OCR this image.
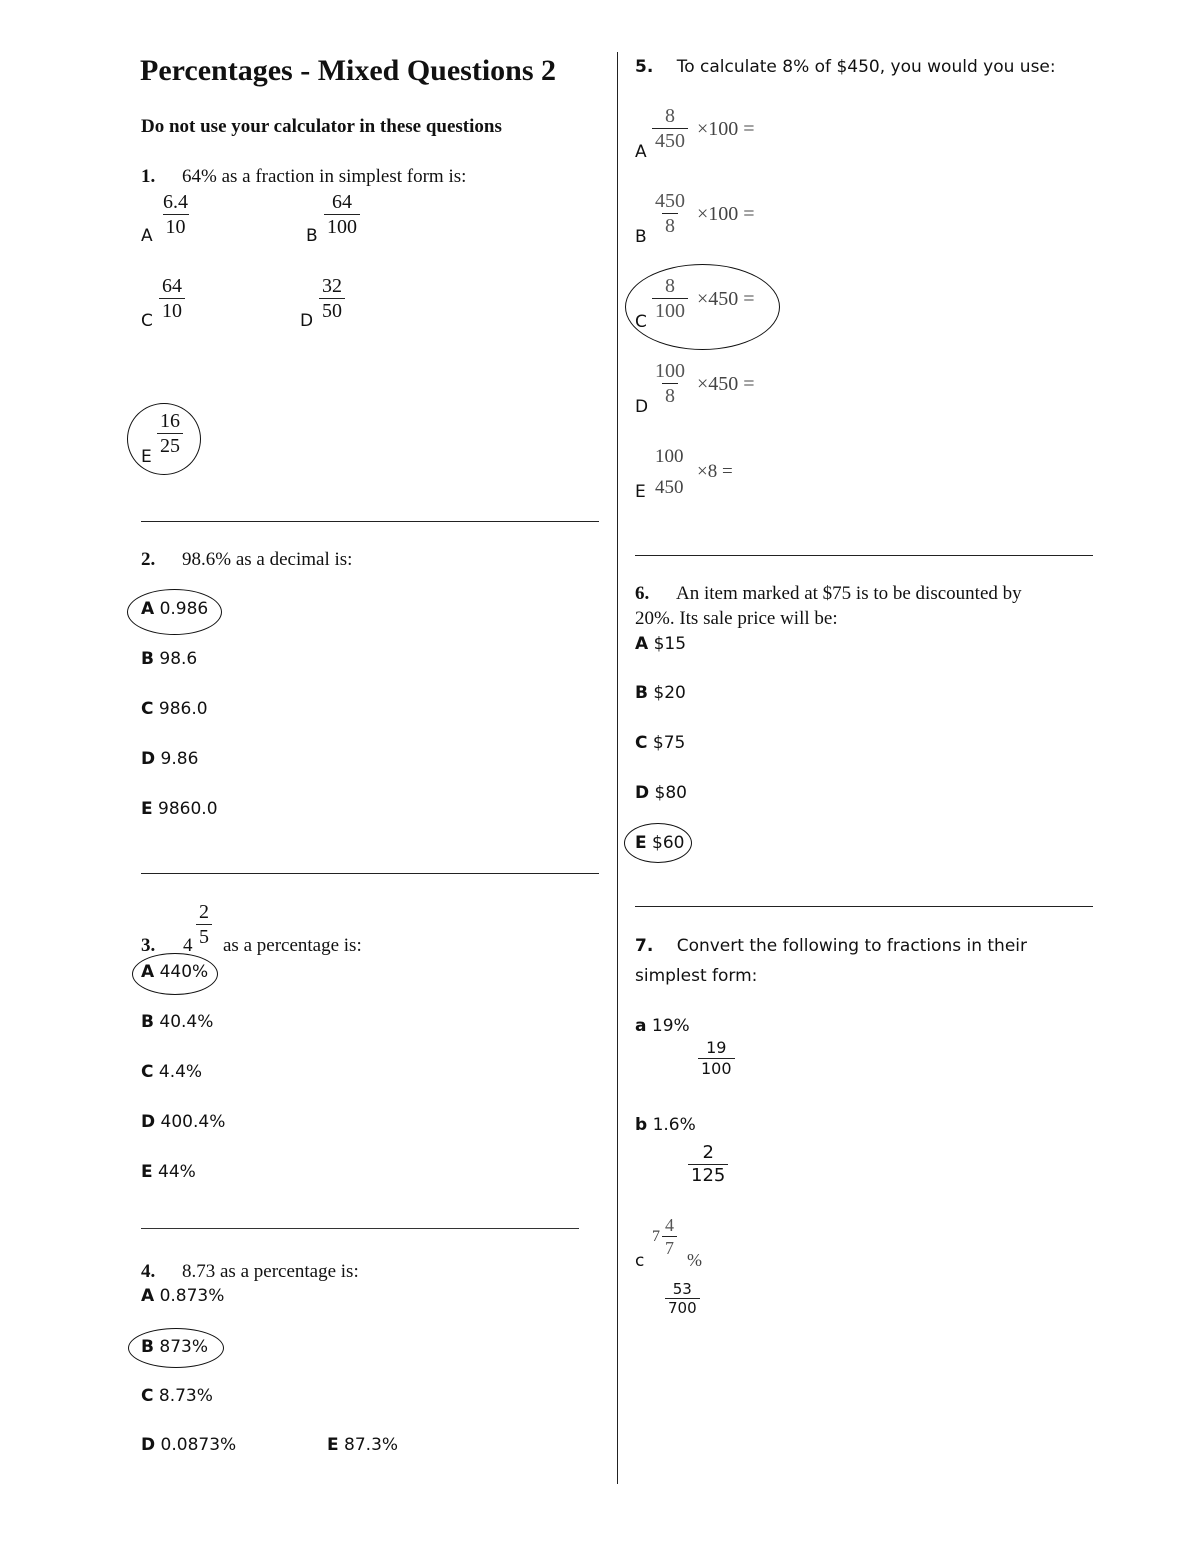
Percentages - Mixed Questions 2
Do not use your calculator in these questions
1. 64% as a fraction in simplest form is:
A $\frac{6.4}{10}$	B $\frac{64}{100}$
C $\frac{64}{10}$	D $\frac{32}{50}$
E $\frac{16}{25}$
2. 98.6% as a decimal is:
A 0.986
B 98.6
C 986.0
D 9.86
E 9860.0
3. $4 \frac{2}{5}$ as a percentage is:
A 440%
B 40.4%
C 4.4%
D 400.4%
E 44%
4. 8.73 as a percentage is:
A 0.873%
B 873%
C 8.73%
D 0.0873%	E 87.3%
5. To calculate 8% of $450, you would you use:
A $\frac{8}{450} \times 100$ =
B $\frac{450}{8} \times 100$ =
C $\frac{8}{100} \times 450$ =
D $\frac{100}{8} \times 450$ =
E
100
450
×8 =
6. An item marked at $75 is to be discounted by
20%. Its sale price will be:
A $15
B $20
C $75
D $80
E $60
7. Convert the following to fractions in their
simplest form:
a 19%
$\frac{19}{100}$
b 1.6%
$\frac{2}{125}$
c
$7 \frac{4}{7}$
%
$\frac{53}{700}$
